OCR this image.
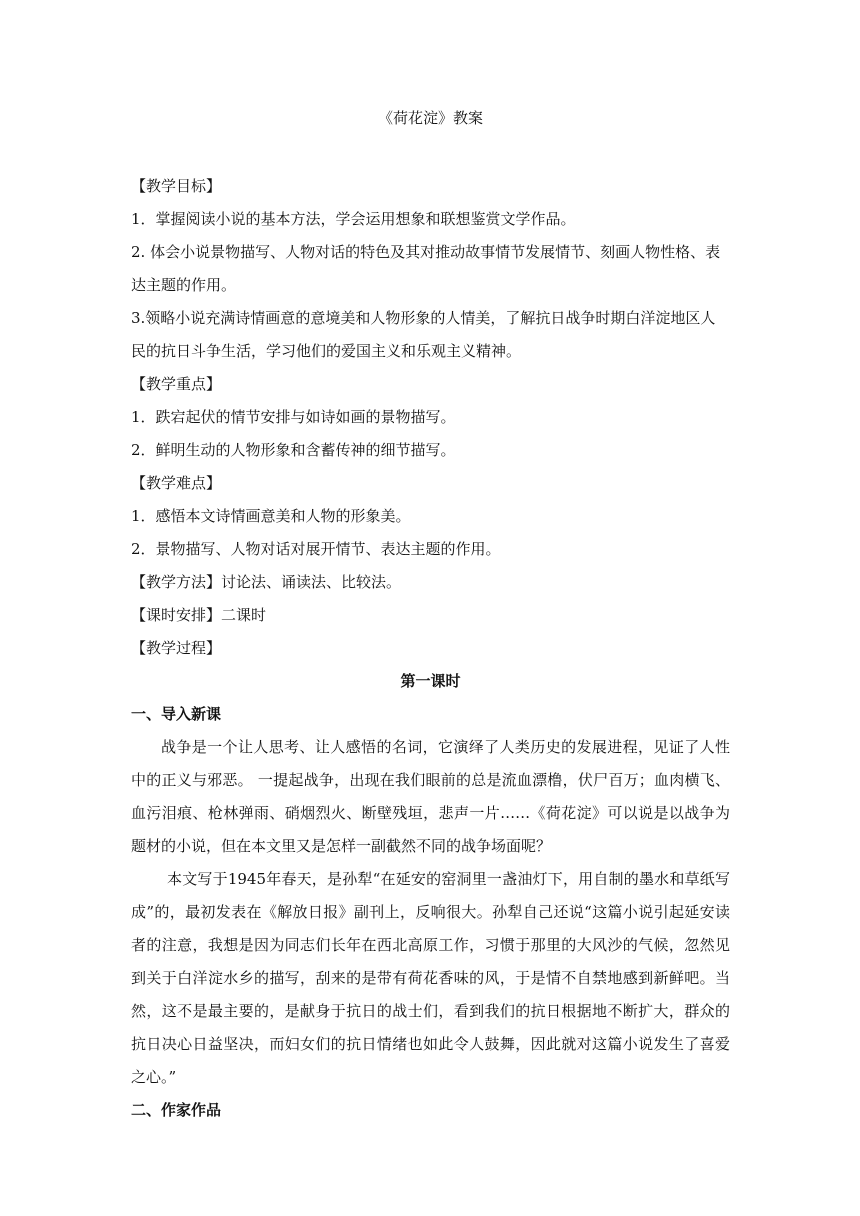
《荷花淀》教案

【教学目标】

1．掌握阅读小说的基本方法，学会运用想象和联想鉴赏文学作品。

2. 体会小说景物描写、人物对话的特色及其对推动故事情节发展情节、刻画人物性格、表达主题的作用。

3.领略小说充满诗情画意的意境美和人物形象的人情美，了解抗日战争时期白洋淀地区人民的抗日斗争生活，学习他们的爱国主义和乐观主义精神。

【教学重点】

1．跌宕起伏的情节安排与如诗如画的景物描写。

2．鲜明生动的人物形象和含蓄传神的细节描写。

【教学难点】

1．感悟本文诗情画意美和人物的形象美。

2．景物描写、人物对话对展开情节、表达主题的作用。

【教学方法】讨论法、诵读法、比较法。

【课时安排】二课时

【教学过程】

第一课时

一、导入新课

战争是一个让人思考、让人感悟的名词，它演绎了人类历史的发展进程，见证了人性中的正义与邪恶。 一提起战争，出现在我们眼前的总是流血漂橹，伏尸百万；血肉横飞、血污泪痕、枪林弹雨、硝烟烈火、断壁残垣，悲声一片……《荷花淀》可以说是以战争为题材的小说，但在本文里又是怎样一副截然不同的战争场面呢？

本文写于1945年春天，是孙犁“在延安的窑洞里一盏油灯下，用自制的墨水和草纸写成”的，最初发表在《解放日报》副刊上，反响很大。孙犁自己还说“这篇小说引起延安读者的注意，我想是因为同志们长年在西北高原工作，习惯于那里的大风沙的气候，忽然见到关于白洋淀水乡的描写，刮来的是带有荷花香味的风，于是情不自禁地感到新鲜吧。当然，这不是最主要的，是献身于抗日的战士们，看到我们的抗日根据地不断扩大，群众的抗日决心日益坚决，而妇女们的抗日情绪也如此令人鼓舞，因此就对这篇小说发生了喜爱之心。”

二、作家作品
